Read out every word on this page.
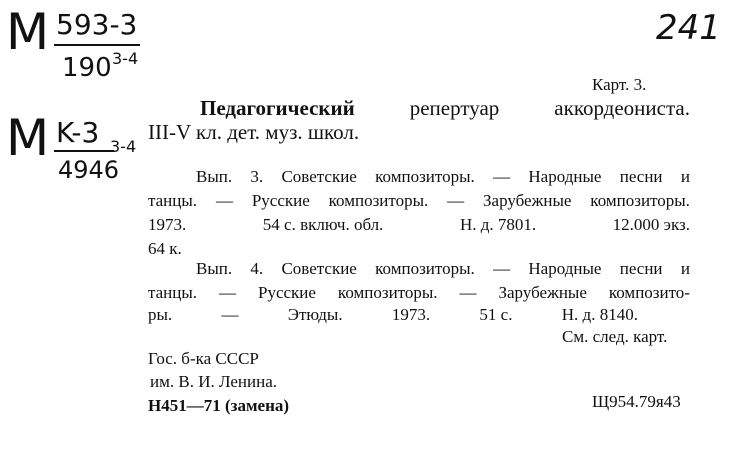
M 593-3
190 3-4
M K-3 3-4
4946
241
Карт. 3.
Педагогический	репертуар	аккордеониста.
III-V кл. дет. муз. школ.
Вып. 3. Советские композиторы. — Народные песни и
танцы. — Русские композиторы. — Зарубежные композиторы.
1973.	54 с. включ. обл.	Н. д. 7801.	12.000 экз.
64 к.
Вып. 4. Советские композиторы. — Народные песни и
танцы. — Русские композиторы. — Зарубежные композито-
ры.	—	Этюды.	1973.	51 с.	Н. д. 8140.
См. след. карт.
Гос. б-ка СССР
им. В. И. Ленина.
Н451—71 (замена)	Щ954.79я43
